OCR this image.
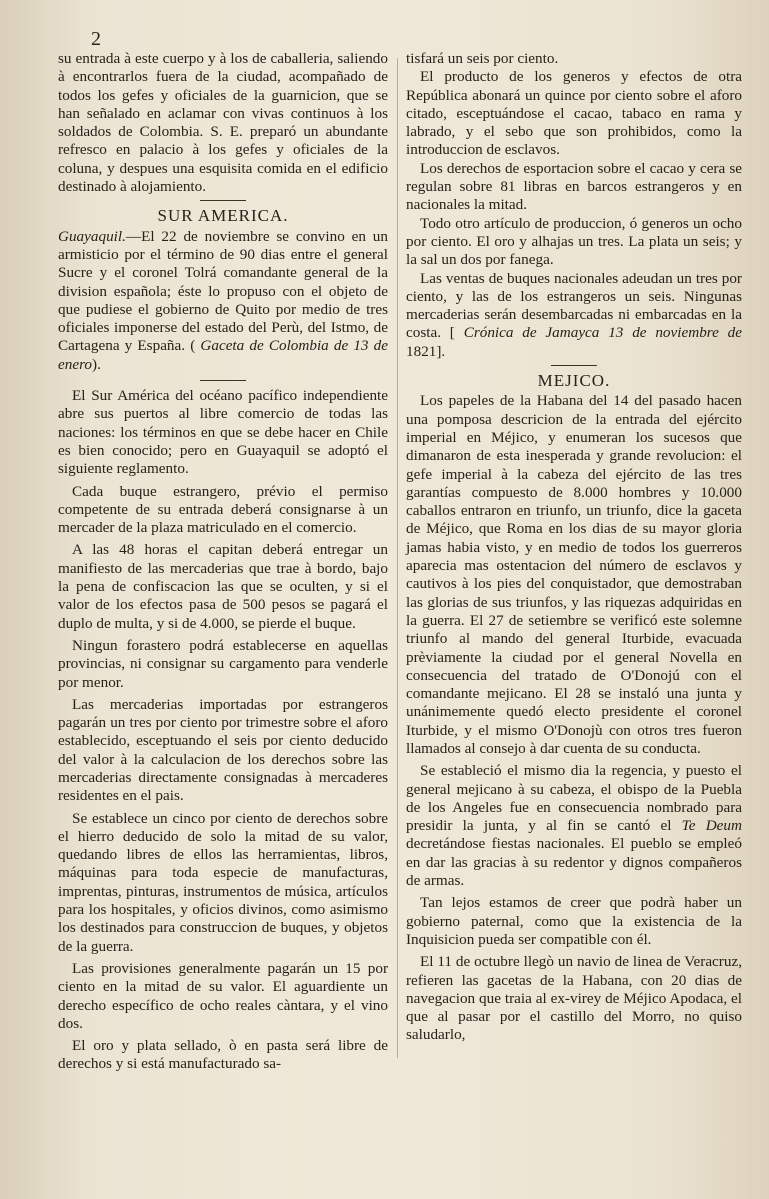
2

su entrada à este cuerpo y à los de caballeria, saliendo à encontrarlos fuera de la ciudad, acompañado de todos los gefes y oficiales de la guarnicion, que se han señalado en aclamar con vivas continuos à los soldados de Colombia. S. E. preparó un abundante refresco en palacio à los gefes y oficiales de la coluna, y despues una esquisita comida en el edificio destinado à alojamiento.

SUR AMERICA.

Guayaquil.—El 22 de noviembre se convino en un armisticio por el término de 90 dias entre el general Sucre y el coronel Tolrá comandante general de la division española; éste lo propuso con el objeto de que pudiese el gobierno de Quito por medio de tres oficiales imponerse del estado del Perù, del Istmo, de Cartagena y España. ( Gaceta de Colombia de 13 de enero).

El Sur América del océano pacífico independiente abre sus puertos al libre comercio de todas las naciones: los términos en que se debe hacer en Chile es bien conocido; pero en Guayaquil se adoptó el siguiente reglamento.

Cada buque estrangero, prévio el permiso competente de su entrada deberá consignarse à un mercader de la plaza matriculado en el comercio.

A las 48 horas el capitan deberá entregar un manifiesto de las mercaderias que trae à bordo, bajo la pena de confiscacion las que se oculten, y si el valor de los efectos pasa de 500 pesos se pagará el duplo de multa, y si de 4.000, se pierde el buque.

Ningun forastero podrá establecerse en aquellas provincias, ni consignar su cargamento para venderle por menor.

Las mercaderias importadas por estrangeros pagarán un tres por ciento por trimestre sobre el aforo establecido, esceptuando el seis por ciento deducido del valor à la calculacion de los derechos sobre las mercaderias directamente consignadas à mercaderes residentes en el pais.

Se establece un cinco por ciento de derechos sobre el hierro deducido de solo la mitad de su valor, quedando libres de ellos las herramientas, libros, máquinas para toda especie de manufacturas, imprentas, pinturas, instrumentos de música, artículos para los hospitales, y oficios divinos, como asimismo los destinados para construccion de buques, y objetos de la guerra.

Las provisiones generalmente pagarán un 15 por ciento en la mitad de su valor. El aguardiente un derecho específico de ocho reales càntara, y el vino dos.

El oro y plata sellado, ò en pasta será libre de derechos y si está manufacturado sa-

tisfará un seis por ciento.

El producto de los generos y efectos de otra República abonará un quince por ciento sobre el aforo citado, esceptuándose el cacao, tabaco en rama y labrado, y el sebo que son prohibidos, como la introduccion de esclavos.

Los derechos de esportacion sobre el cacao y cera se regulan sobre 81 libras en barcos estrangeros y en nacionales la mitad.

Todo otro artículo de produccion, ó generos un ocho por ciento. El oro y alhajas un tres. La plata un seis; y la sal un dos por fanega.

Las ventas de buques nacionales adeudan un tres por ciento, y las de los estrangeros un seis. Ningunas mercaderias serán desembarcadas ni embarcadas en la costa. [ Crónica de Jamayca 13 de noviembre de 1821].

MEJICO.

Los papeles de la Habana del 14 del pasado hacen una pomposa descricion de la entrada del ejército imperial en Méjico, y enumeran los sucesos que dimanaron de esta inesperada y grande revolucion: el gefe imperial à la cabeza del ejército de las tres garantías compuesto de 8.000 hombres y 10.000 caballos entraron en triunfo, un triunfo, dice la gaceta de Méjico, que Roma en los dias de su mayor gloria jamas habia visto, y en medio de todos los guerreros aparecia mas ostentacion del número de esclavos y cautivos à los pies del conquistador, que demostraban las glorias de sus triunfos, y las riquezas adquiridas en la guerra. El 27 de setiembre se verificó este solemne triunfo al mando del general Iturbide, evacuada prèviamente la ciudad por el general Novella en consecuencia del tratado de O'Donojú con el comandante mejicano. El 28 se instaló una junta y unánimemente quedó electo presidente el coronel Iturbide, y el mismo O'Donojù con otros tres fueron llamados al consejo à dar cuenta de su conducta.

Se estableció el mismo dia la regencia, y puesto el general mejicano à su cabeza, el obispo de la Puebla de los Angeles fue en consecuencia nombrado para presidir la junta, y al fin se cantó el Te Deum decretándose fiestas nacionales. El pueblo se empleó en dar las gracias à su redentor y dignos compañeros de armas.

Tan lejos estamos de creer que podrà haber un gobierno paternal, como que la existencia de la Inquisicion pueda ser compatible con él.

El 11 de octubre llegò un navio de linea de Veracruz, refieren las gacetas de la Habana, con 20 dias de navegacion que traia al ex-virey de Méjico Apodaca, el que al pasar por el castillo del Morro, no quiso saludarlo,
